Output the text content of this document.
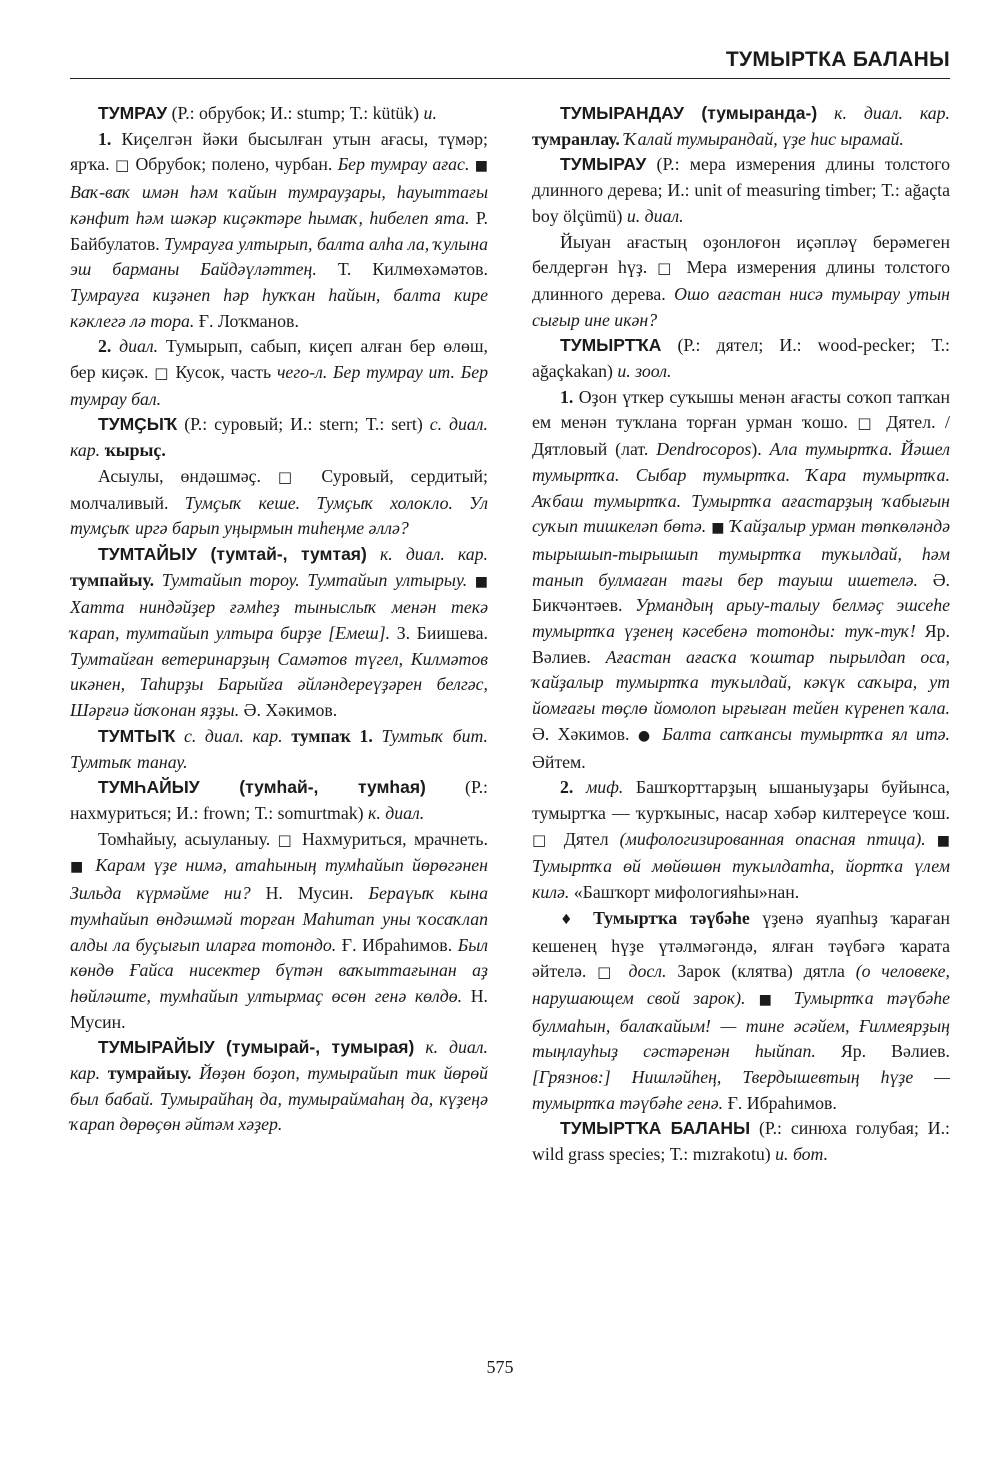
ТУМЫРТКА БАЛАНЫ

ТУМРАУ (Р.: обрубок; И.: stump; Т.: kütük) и.

1. Киҫелгән йәки бысылған утын ағасы, түмәр; ярҡа. □ Обрубок; полено, чурбан. Бер тумрау ағас. ■ Ваҡ-ваҡ имән һәм ҡайын тумрауҙары, һауыттағы кәнфит һәм шәкәр киҫәктәре һымаҡ, һибелеп ята. Р. Байбулатов. Тумрауға ултырып, балта алһа ла, ҡулына эш барманы Байдәүләттең. Т. Килмөхәмәтов. Тумрауға киҙәнеп һәр һуҡҡан һайын, балта кире кәклегә лә тора. Ғ. Лоҡманов.

2. диал. Тумырып, сабып, киҫеп алған бер өлөш, бер киҫәк. □ Кусок, часть чего-л. Бер тумрау ит. Бер тумрау бал.

ТУМҪЫҠ (Р.: суровый; И.: stern; Т.: sert) с. диал. кар. ҡырыҫ.

Асыулы, өндәшмәҫ. □ Суровый, сердитый; молчаливый. Тумҫыҡ кеше. Тумҫыҡ холокло. Ул тумҫыҡ иргә барып уңырмын тиһеңме әллә?

ТУМТАЙЫУ (тумтай-, тумтая) к. диал. кар. тумпайыу. Тумтайып тороу. Тумтайып ултырыу. ■ Хатта ниндәйҙер ғәмһеҙ тыныслыҡ менән текә ҡарап, тумтайып ултыра бирҙе [Емеш]. З. Биишева. Тумтайған ветеринарҙың Самәтов түгел, Килмәтов икәнен, Таһирҙы Барыйға әйләндереүҙәрен белгәс, Шәрғиә йоҡонан яҙҙы. Ә. Хәкимов.

ТУМТЫҠ с. диал. кар. тумпаҡ 1. Тумтыҡ бит. Тумтыҡ танау.

ТУМҺАЙЫУ (тумһай-, тумһая) (Р.: нахмуриться; И.: frown; Т.: somurtmak) к. диал.

Томһайыу, асыуланыу. □ Нахмуриться, мрачнеть. ■ Карам үҙе нимә, атаһының тумһайып йөрөгәнен Зильда күрмәйме ни? Н. Мусин. Бераүыҡ кына тумһайып өндәшмәй торған Маһитап уны ҡосаҡлап алды ла буҫығып иларға тотондо. Ғ. Ибраһимов. Был көндө Ғайса нисектер бүтән ваҡыттағынан аҙ һөйләште, тумһайып ултырмаҫ өсөн генә көлдө. Н. Мусин.

ТУМЫРАЙЫУ (тумырай-, тумырая) к. диал. кар. тумрайыу. Йөҙөн боҙоп, тумырайып тик йөрөй был бабай. Тумырайһаң да, тумыраймаһаң да, күҙеңә ҡарап дөрөҫөн әйтәм хәҙер.

ТУМЫРАНДАУ (тумыранда-) к. диал. кар. тумранлау. Ҡалай тумырандай, үҙе һис ырамай.

ТУМЫРАУ (Р.: мера измерения длины толстого длинного дерева; И.: unit of measuring timber; Т.: ağaçta boy ölçümü) и. диал.

Йыуан ағастың оҙонлоғон иҫәпләү берәмеген белдергән һүҙ. □ Мера измерения длины толстого длинного дерева. Ошо ағастан нисә тумырау утын сығыр ине икән?

ТУМЫРТҠА (Р.: дятел; И.: wood-pecker; Т.: ağaçkakan) и. зоол.

1. Оҙон үткер суҡышы менән ағасты соҡоп тапҡан ем менән туҡлана торған урман ҡошо. □ Дятел. / Дятловый (лат. Dendrocopos). Ала тумыртҡа. Йәшел тумыртҡа. Сыбар тумыртҡа. Ҡара тумыртҡа. Аҡбаш тумыртҡа. Тумыртҡа ағастарҙың ҡабығын суҡып тишкеләп бөтә. ■ Ҡайҙалыр урман төпкөләндә тырышып-тырышып тумыртҡа туҡылдай, һәм танып булмаған тағы бер тауыш ишетелә. Ә. Бикчәнтәев. Урмандың арыу-талыу белмәҫ эшсеһе тумыртҡа үҙенең кәсебенә тотонды: туҡ-туҡ! Яр. Вәлиев. Ағастан ағасҡа ҡоштар пырылдап оса, ҡайҙалыр тумыртҡа туҡылдай, кәкүк саҡыра, ут йомғағы төҫлө йомолоп ырғыған тейен күренеп ҡала. Ә. Хәкимов. ● Балта сапҡансы тумыртҡа ял итә. Әйтем.

2. миф. Башҡорттарҙың ышаныуҙары буйынса, тумыртҡа — ҡурҡыныс, насар хәбәр килтереүсе ҡош. □ Дятел (мифологизированная опасная птица). ■ Тумыртҡа өй мөйөшөн туҡылдатһа, йортҡа үлем килә. «Башҡорт мифологияһы»нан.

♦ Тумыртҡа тәүбәһе үҙенә яуапһыҙ ҡараған кешенең һүҙе үтәлмәгәндә, ялған тәүбәгә ҡарата әйтелә. □ досл. Зарок (клятва) дятла (о человеке, нарушающем свой зарок). ■ Тумыртҡа тәүбәһе булмаһын, балаҡайым! — тине әсәйем, Ғилмеярҙың тыңлауһыҙ сәстәренән һыйпап. Яр. Вәлиев. [Грязнов:] Нишләйһең, Твердышевтың һүҙе — тумыртҡа тәүбәһе генә. Ғ. Ибраһимов.

ТУМЫРТҠА БАЛАНЫ (Р.: синюха голубая; И.: wild grass species; Т.: mızrakotu) и. бот.

575
